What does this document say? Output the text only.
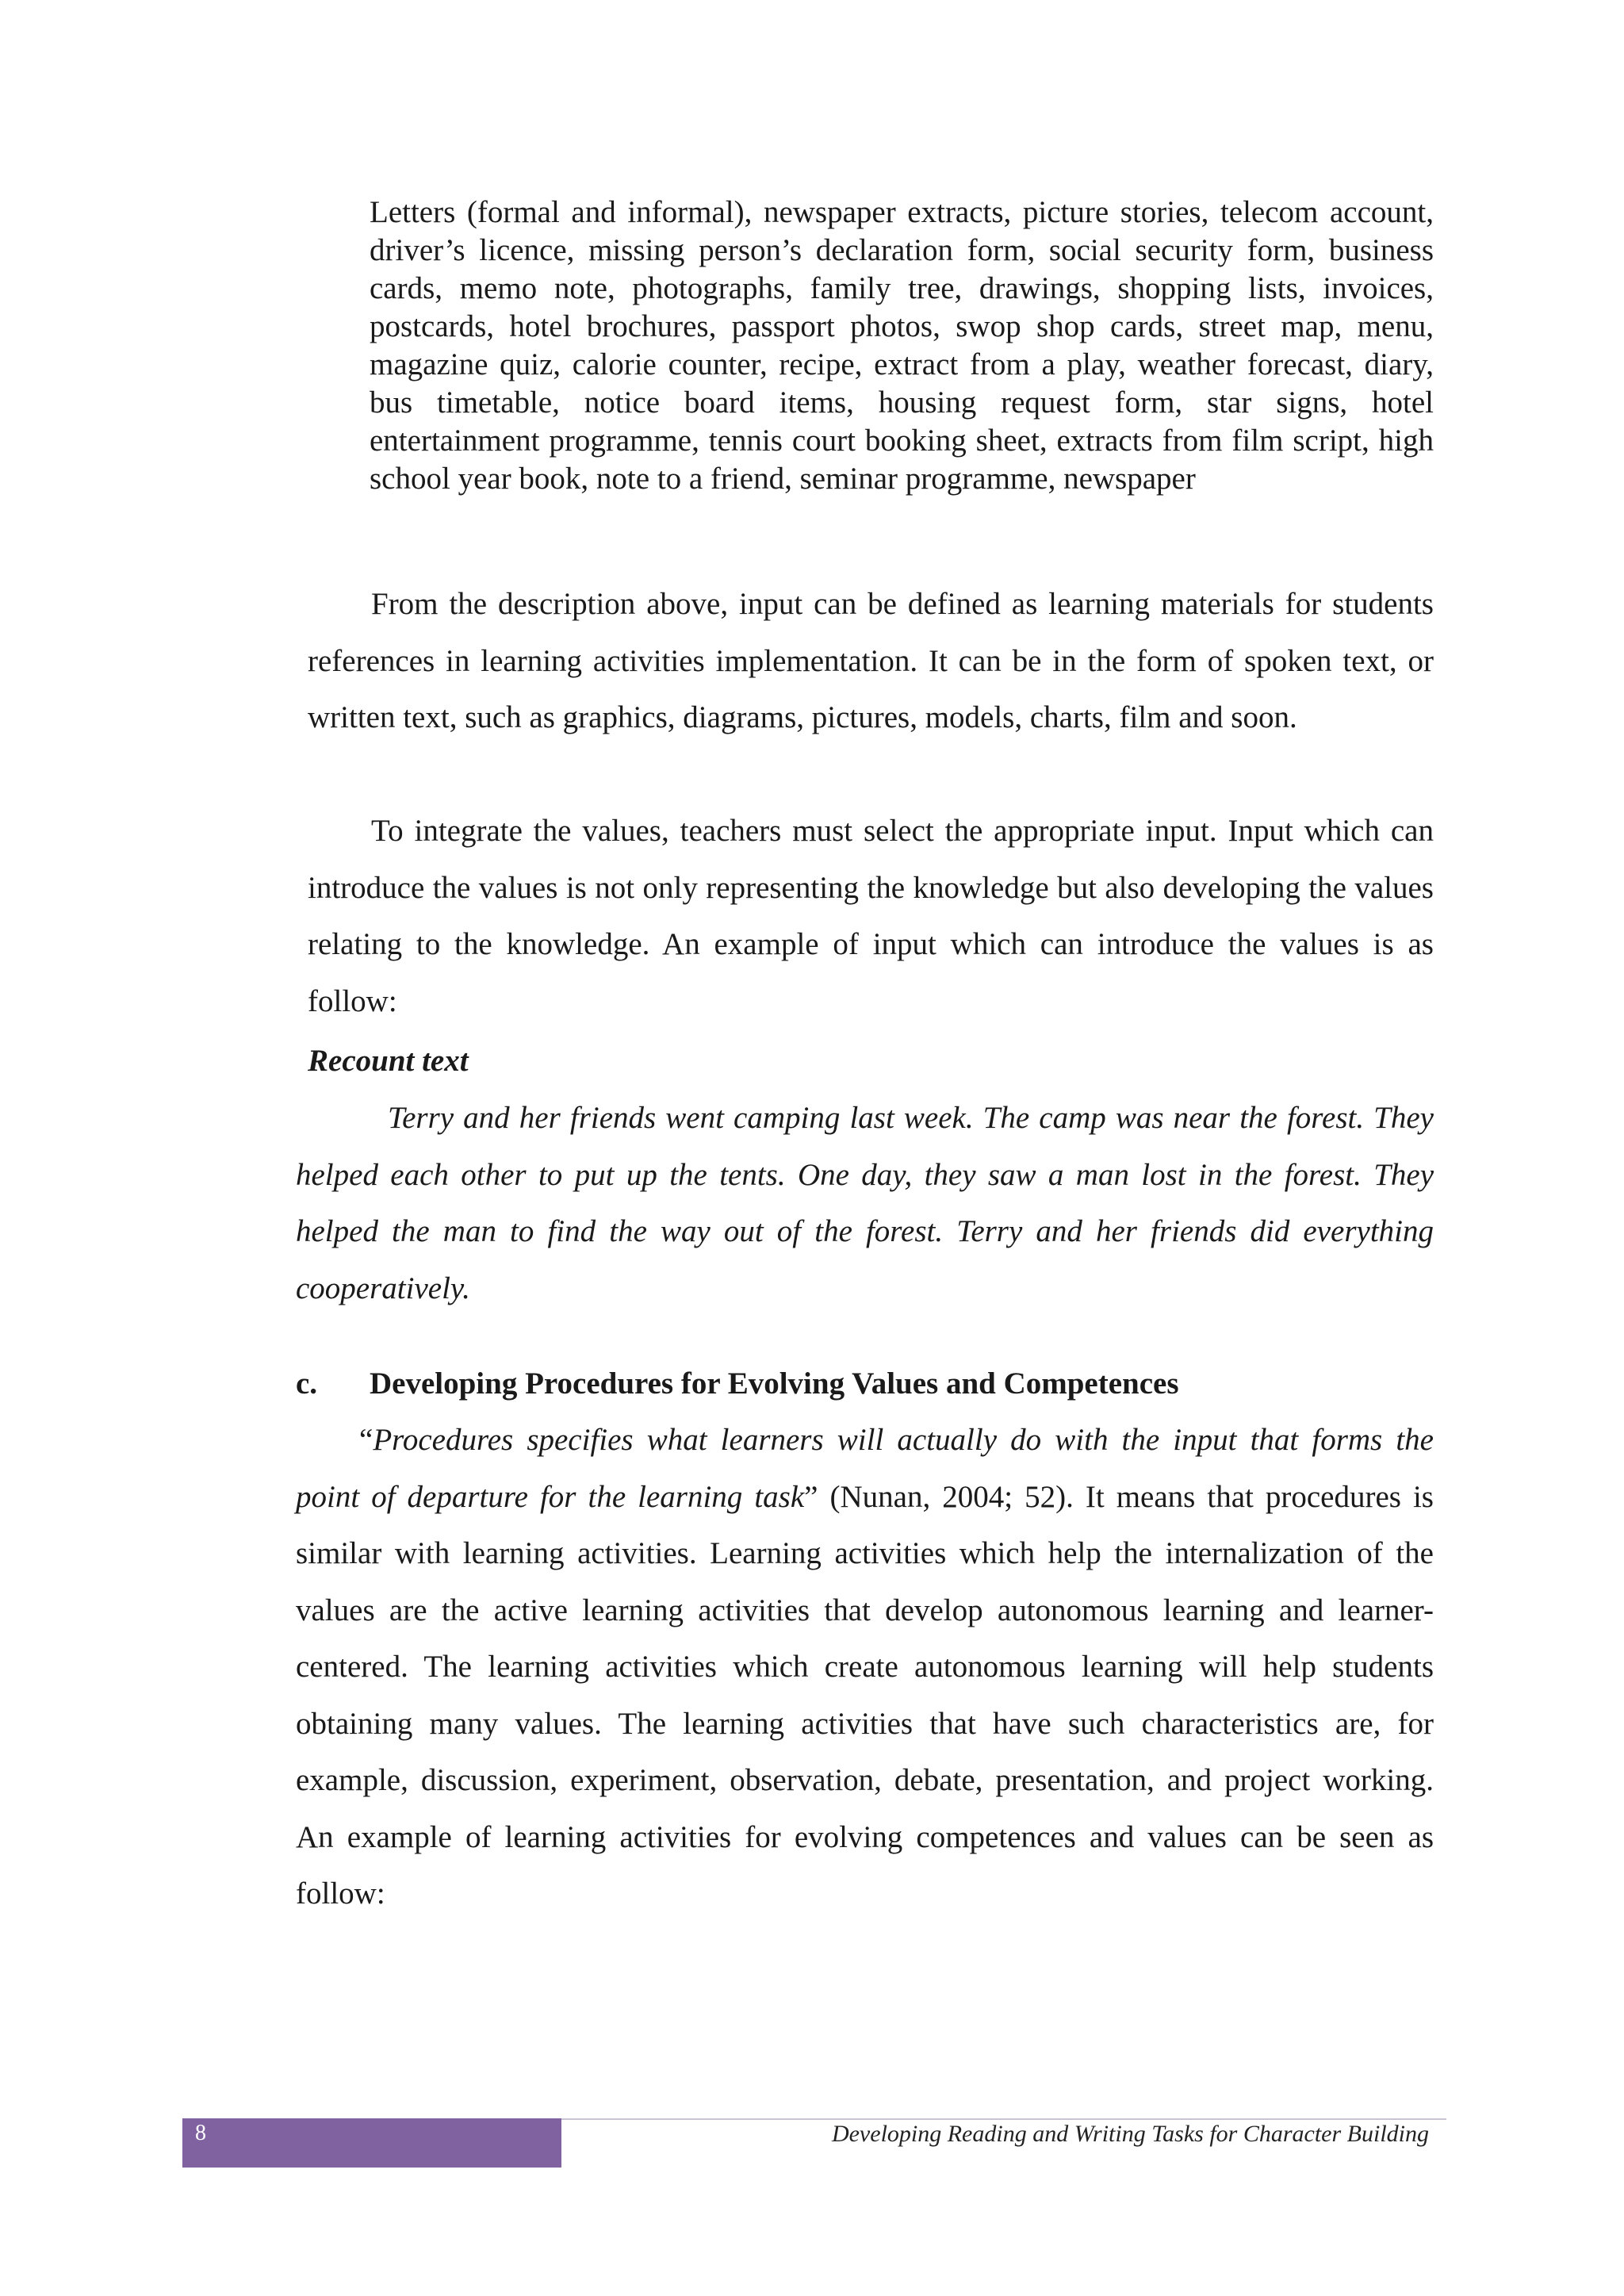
Letters (formal and informal), newspaper extracts, picture stories, telecom account, driver’s licence, missing person’s declaration form, social security form, business cards, memo note, photographs, family tree, drawings, shopping lists, invoices, postcards, hotel brochures, passport photos, swop shop cards, street map, menu, magazine quiz, calorie counter, recipe, extract from a play, weather forecast, diary, bus timetable, notice board items, housing request form, star signs, hotel entertainment programme, tennis court booking sheet, extracts from film script, high school year book, note to a friend, seminar programme, newspaper

From the description above, input can be defined as learning materials for students references in learning activities implementation. It can be in the form of spoken text, or written text, such as graphics, diagrams, pictures, models, charts, film and soon.

To integrate the values, teachers must select the appropriate input. Input which can introduce the values is not only representing the knowledge but also developing the values relating to the knowledge. An example of input which can introduce the values is as follow:

Recount text

Terry and her friends went camping last week. The camp was near the forest. They helped each other to put up the tents. One day, they saw a man lost in the forest. They helped the man to find the way out of the forest. Terry and her friends did everything cooperatively.

c.	Developing Procedures for Evolving Values and Competences

“Procedures specifies what learners will actually do with the input that forms the point of departure for the learning task” (Nunan, 2004; 52). It means that procedures is similar with learning activities. Learning activities which help the internalization of the values are the active learning activities that develop autonomous learning and learner-centered. The learning activities which create autonomous learning will help students obtaining many values. The learning activities that have such characteristics are, for example, discussion, experiment, observation, debate, presentation, and project working. An example of learning activities for evolving competences and values can be seen as follow:

8	Developing Reading and Writing Tasks for Character Building
